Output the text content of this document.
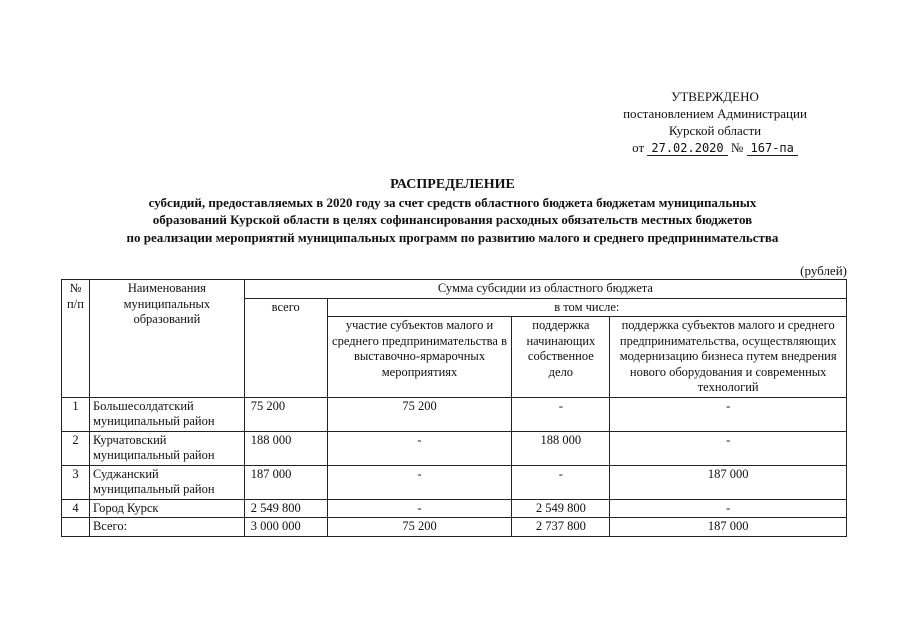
УТВЕРЖДЕНО
постановлением Администрации
Курской области
от 27.02.2020 № 167-па
РАСПРЕДЕЛЕНИЕ
субсидий, предоставляемых в 2020 году за счет средств областного бюджета бюджетам муниципальных
образований Курской области в целях софинансирования расходных обязательств местных бюджетов
по реализации мероприятий муниципальных программ по развитию малого и среднего предпринимательства
(рублей)
№ п/п	Наименования муниципальных образований	Сумма субсидии из областного бюджета			
		всего	в том числе:		
			участие субъектов малого и среднего предпринимательства в выставочно-ярмарочных мероприятиях	поддержка начинающих собственное дело	поддержка субъектов малого и среднего предпринимательства, осуществляющих модернизацию бизнеса путем внедрения нового оборудования и современных технологий
1	Большесолдатский муниципальный район	75 200	75 200	-	-
2	Курчатовский муниципальный район	188 000	-	188 000	-
3	Суджанский муниципальный район	187 000	-	-	187 000
4	Город Курск	2 549 800	-	2 549 800	-
	Всего:	3 000 000	75 200	2 737 800	187 000
